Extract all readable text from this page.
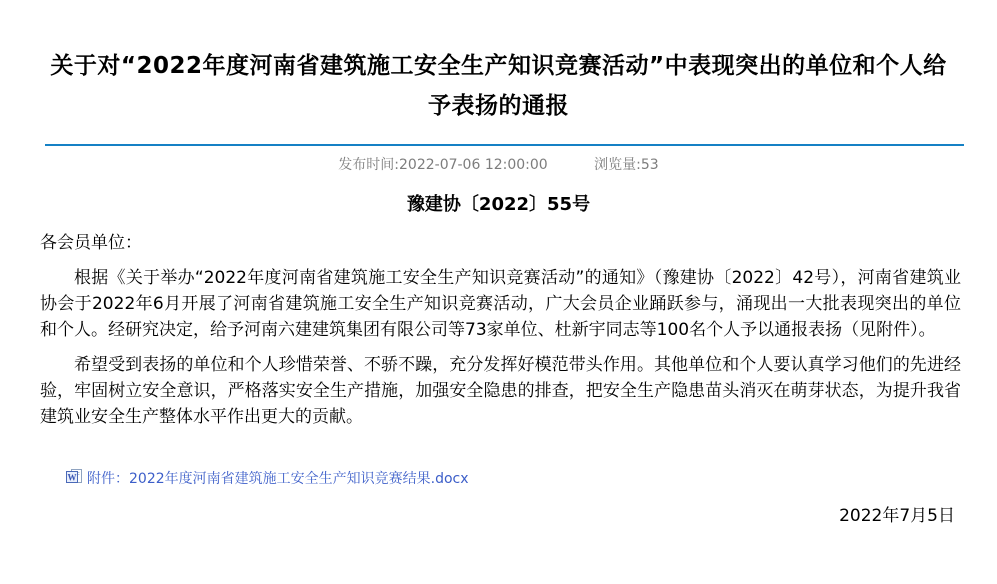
关于对“2022年度河南省建筑施工安全生产知识竞赛活动”中表现突出的单位和个人给予表扬的通报
发布时间:2022-07-06 12:00:00	浏览量:53
豫建协〔2022〕55号

各会员单位：

根据《关于举办“2022年度河南省建筑施工安全生产知识竞赛活动”的通知》（豫建协〔2022〕42号），河南省建筑业协会于2022年6月开展了河南省建筑施工安全生产知识竞赛活动，广大会员企业踊跃参与，涌现出一大批表现突出的单位和个人。经研究决定，给予河南六建建筑集团有限公司等73家单位、杜新宇同志等100名个人予以通报表扬（见附件）。

希望受到表扬的单位和个人珍惜荣誉、不骄不躁，充分发挥好模范带头作用。其他单位和个人要认真学习他们的先进经验，牢固树立安全意识，严格落实安全生产措施，加强安全隐患的排查，把安全生产隐患苗头消灭在萌芽状态，为提升我省建筑业安全生产整体水平作出更大的贡献。

W 附件：2022年度河南省建筑施工安全生产知识竞赛结果.docx
2022年7月5日
